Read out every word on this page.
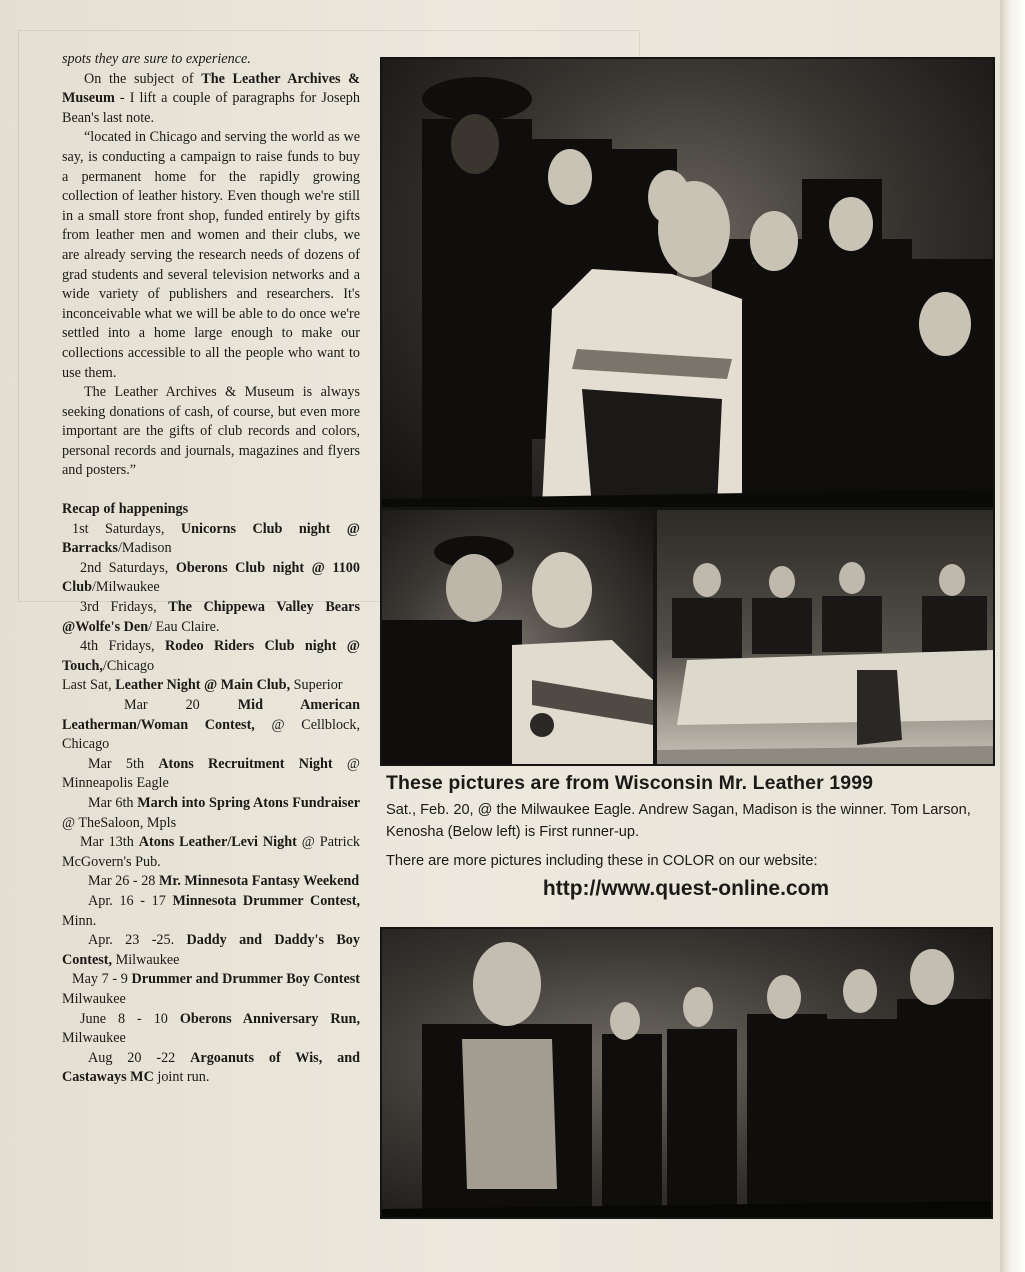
spots they are sure to experience.

On the subject of The Leather Archives & Museum - I lift a couple of paragraphs for Joseph Bean's last note.

“located in Chicago and serving the world as we say, is conducting a campaign to raise funds to buy a permanent home for the rapidly growing collection of leather history. Even though we're still in a small store front shop, funded entirely by gifts from leather men and women and their clubs, we are already serving the research needs of dozens of grad students and several television networks and a wide variety of publishers and researchers. It's inconceivable what we will be able to do once we're settled into a home large enough to make our collections accessible to all the people who want to use them.

The Leather Archives & Museum is always seeking donations of cash, of course, but even more important are the gifts of club records and colors, personal records and journals, magazines and flyers and posters.”

Recap of happenings

1st Saturdays, Unicorns Club night @ Barracks/Madison

2nd Saturdays, Oberons Club night @ 1100 Club/Milwaukee

3rd Fridays, The Chippewa Valley Bears @Wolfe's Den/ Eau Claire.

4th Fridays, Rodeo Riders Club night @ Touch,/Chicago

Last Sat, Leather Night @ Main Club, Superior

Mar 20 Mid American Leatherman/Woman Contest, @ Cellblock, Chicago

Mar 5th Atons Recruitment Night @ Minneapolis Eagle

Mar 6th March into Spring Atons Fundraiser @ TheSaloon, Mpls

Mar 13th Atons Leather/Levi Night @ Patrick McGovern's Pub.

Mar 26 - 28 Mr. Minnesota Fantasy Weekend

Apr. 16 - 17 Minnesota Drummer Contest, Minn.

Apr. 23 -25. Daddy and Daddy's Boy Contest, Milwaukee

May 7 - 9 Drummer and Drummer Boy Contest Milwaukee

June 8 - 10 Oberons Anniversary Run, Milwaukee

Aug 20 -22 Argoanuts of Wis, and Castaways MC joint run.

These pictures are from Wisconsin Mr. Leather 1999

Sat., Feb. 20, @ the Milwaukee Eagle. Andrew Sagan, Madison is the winner. Tom Larson, Kenosha (Below left) is First runner-up.

There are more pictures including these in COLOR on our website:

http://www.quest-online.com
